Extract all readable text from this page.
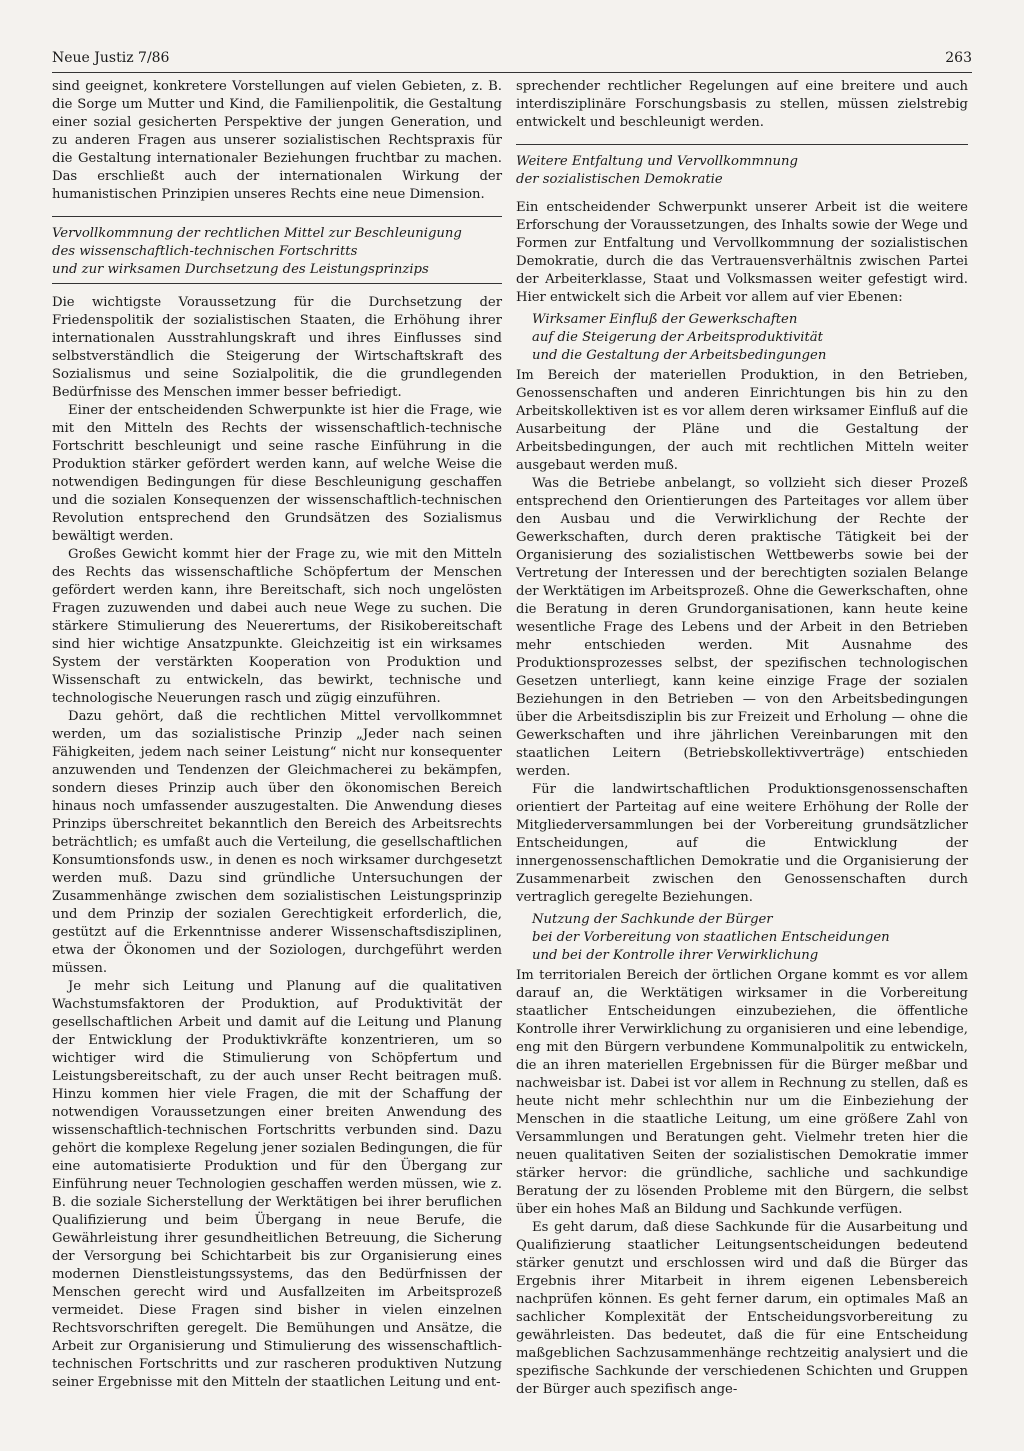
Neue Justiz 7/86	263

sind geeignet, konkretere Vorstellungen auf vielen Gebieten, z. B. die Sorge um Mutter und Kind, die Familienpolitik, die Gestaltung einer sozial gesicherten Perspektive der jungen Generation, und zu anderen Fragen aus unserer sozialistischen Rechtspraxis für die Gestaltung internationaler Beziehungen fruchtbar zu machen. Das erschließt auch der internationalen Wirkung der humanistischen Prinzipien unseres Rechts eine neue Dimension.

Vervollkommnung der rechtlichen Mittel zur Beschleunigung
des wissenschaftlich-technischen Fortschritts
und zur wirksamen Durchsetzung des Leistungsprinzips

Die wichtigste Voraussetzung für die Durchsetzung der Friedenspolitik der sozialistischen Staaten, die Erhöhung ihrer internationalen Ausstrahlungskraft und ihres Einflusses sind selbstverständlich die Steigerung der Wirtschaftskraft des Sozialismus und seine Sozialpolitik, die die grundlegenden Bedürfnisse des Menschen immer besser befriedigt.

Einer der entscheidenden Schwerpunkte ist hier die Frage, wie mit den Mitteln des Rechts der wissenschaftlich-technische Fortschritt beschleunigt und seine rasche Einführung in die Produktion stärker gefördert werden kann, auf welche Weise die notwendigen Bedingungen für diese Beschleunigung geschaffen und die sozialen Konsequenzen der wissenschaftlich-technischen Revolution entsprechend den Grundsätzen des Sozialismus bewältigt werden.

Großes Gewicht kommt hier der Frage zu, wie mit den Mitteln des Rechts das wissenschaftliche Schöpfertum der Menschen gefördert werden kann, ihre Bereitschaft, sich noch ungelösten Fragen zuzuwenden und dabei auch neue Wege zu suchen. Die stärkere Stimulierung des Neuerertums, der Risikobereitschaft sind hier wichtige Ansatzpunkte. Gleichzeitig ist ein wirksames System der verstärkten Kooperation von Produktion und Wissenschaft zu entwickeln, das bewirkt, technische und technologische Neuerungen rasch und zügig einzuführen.

Dazu gehört, daß die rechtlichen Mittel vervollkommnet werden, um das sozialistische Prinzip „Jeder nach seinen Fähigkeiten, jedem nach seiner Leistung“ nicht nur konsequenter anzuwenden und Tendenzen der Gleichmacherei zu bekämpfen, sondern dieses Prinzip auch über den ökonomischen Bereich hinaus noch umfassender auszugestalten. Die Anwendung dieses Prinzips überschreitet bekanntlich den Bereich des Arbeitsrechts beträchtlich; es umfaßt auch die Verteilung, die gesellschaftlichen Konsumtionsfonds usw., in denen es noch wirksamer durchgesetzt werden muß. Dazu sind gründliche Untersuchungen der Zusammenhänge zwischen dem sozialistischen Leistungsprinzip und dem Prinzip der sozialen Gerechtigkeit erforderlich, die, gestützt auf die Erkenntnisse anderer Wissenschaftsdisziplinen, etwa der Ökonomen und der Soziologen, durchgeführt werden müssen.

Je mehr sich Leitung und Planung auf die qualitativen Wachstumsfaktoren der Produktion, auf Produktivität der gesellschaftlichen Arbeit und damit auf die Leitung und Planung der Entwicklung der Produktivkräfte konzentrieren, um so wichtiger wird die Stimulierung von Schöpfertum und Leistungsbereitschaft, zu der auch unser Recht beitragen muß. Hinzu kommen hier viele Fragen, die mit der Schaffung der notwendigen Voraussetzungen einer breiten Anwendung des wissenschaftlich-technischen Fortschritts verbunden sind. Dazu gehört die komplexe Regelung jener sozialen Bedingungen, die für eine automatisierte Produktion und für den Übergang zur Einführung neuer Technologien geschaffen werden müssen, wie z. B. die soziale Sicherstellung der Werktätigen bei ihrer beruflichen Qualifizierung und beim Übergang in neue Berufe, die Gewährleistung ihrer gesundheitlichen Betreuung, die Sicherung der Versorgung bei Schichtarbeit bis zur Organisierung eines modernen Dienstleistungssystems, das den Bedürfnissen der Menschen gerecht wird und Ausfallzeiten im Arbeitsprozeß vermeidet. Diese Fragen sind bisher in vielen einzelnen Rechtsvorschriften geregelt. Die Bemühungen und Ansätze, die Arbeit zur Organisierung und Stimulierung des wissenschaftlich-technischen Fortschritts und zur rascheren produktiven Nutzung seiner Ergebnisse mit den Mitteln der staatlichen Leitung und ent-

sprechender rechtlicher Regelungen auf eine breitere und auch interdisziplinäre Forschungsbasis zu stellen, müssen zielstrebig entwickelt und beschleunigt werden.

Weitere Entfaltung und Vervollkommnung
der sozialistischen Demokratie

Ein entscheidender Schwerpunkt unserer Arbeit ist die weitere Erforschung der Voraussetzungen, des Inhalts sowie der Wege und Formen zur Entfaltung und Vervollkommnung der sozialistischen Demokratie, durch die das Vertrauensverhältnis zwischen Partei der Arbeiterklasse, Staat und Volksmassen weiter gefestigt wird. Hier entwickelt sich die Arbeit vor allem auf vier Ebenen:

Wirksamer Einfluß der Gewerkschaften
auf die Steigerung der Arbeitsproduktivität
und die Gestaltung der Arbeitsbedingungen

Im Bereich der materiellen Produktion, in den Betrieben, Genossenschaften und anderen Einrichtungen bis hin zu den Arbeitskollektiven ist es vor allem deren wirksamer Einfluß auf die Ausarbeitung der Pläne und die Gestaltung der Arbeitsbedingungen, der auch mit rechtlichen Mitteln weiter ausgebaut werden muß.

Was die Betriebe anbelangt, so vollzieht sich dieser Prozeß entsprechend den Orientierungen des Parteitages vor allem über den Ausbau und die Verwirklichung der Rechte der Gewerkschaften, durch deren praktische Tätigkeit bei der Organisierung des sozialistischen Wettbewerbs sowie bei der Vertretung der Interessen und der berechtigten sozialen Belange der Werktätigen im Arbeitsprozeß. Ohne die Gewerkschaften, ohne die Beratung in deren Grundorganisationen, kann heute keine wesentliche Frage des Lebens und der Arbeit in den Betrieben mehr entschieden werden. Mit Ausnahme des Produktionsprozesses selbst, der spezifischen technologischen Gesetzen unterliegt, kann keine einzige Frage der sozialen Beziehungen in den Betrieben — von den Arbeitsbedingungen über die Arbeitsdisziplin bis zur Freizeit und Erholung — ohne die Gewerkschaften und ihre jährlichen Vereinbarungen mit den staatlichen Leitern (Betriebskollektivverträge) entschieden werden.

Für die landwirtschaftlichen Produktionsgenossenschaften orientiert der Parteitag auf eine weitere Erhöhung der Rolle der Mitgliederversammlungen bei der Vorbereitung grundsätzlicher Entscheidungen, auf die Entwicklung der innergenossenschaftlichen Demokratie und die Organisierung der Zusammenarbeit zwischen den Genossenschaften durch vertraglich geregelte Beziehungen.

Nutzung der Sachkunde der Bürger
bei der Vorbereitung von staatlichen Entscheidungen
und bei der Kontrolle ihrer Verwirklichung

Im territorialen Bereich der örtlichen Organe kommt es vor allem darauf an, die Werktätigen wirksamer in die Vorbereitung staatlicher Entscheidungen einzubeziehen, die öffentliche Kontrolle ihrer Verwirklichung zu organisieren und eine lebendige, eng mit den Bürgern verbundene Kommunalpolitik zu entwickeln, die an ihren materiellen Ergebnissen für die Bürger meßbar und nachweisbar ist. Dabei ist vor allem in Rechnung zu stellen, daß es heute nicht mehr schlechthin nur um die Einbeziehung der Menschen in die staatliche Leitung, um eine größere Zahl von Versammlungen und Beratungen geht. Vielmehr treten hier die neuen qualitativen Seiten der sozialistischen Demokratie immer stärker hervor: die gründliche, sachliche und sachkundige Beratung der zu lösenden Probleme mit den Bürgern, die selbst über ein hohes Maß an Bildung und Sachkunde verfügen.

Es geht darum, daß diese Sachkunde für die Ausarbeitung und Qualifizierung staatlicher Leitungsentscheidungen bedeutend stärker genutzt und erschlossen wird und daß die Bürger das Ergebnis ihrer Mitarbeit in ihrem eigenen Lebensbereich nachprüfen können. Es geht ferner darum, ein optimales Maß an sachlicher Komplexität der Entscheidungsvorbereitung zu gewährleisten. Das bedeutet, daß die für eine Entscheidung maßgeblichen Sachzusammenhänge rechtzeitig analysiert und die spezifische Sachkunde der verschiedenen Schichten und Gruppen der Bürger auch spezifisch ange-
